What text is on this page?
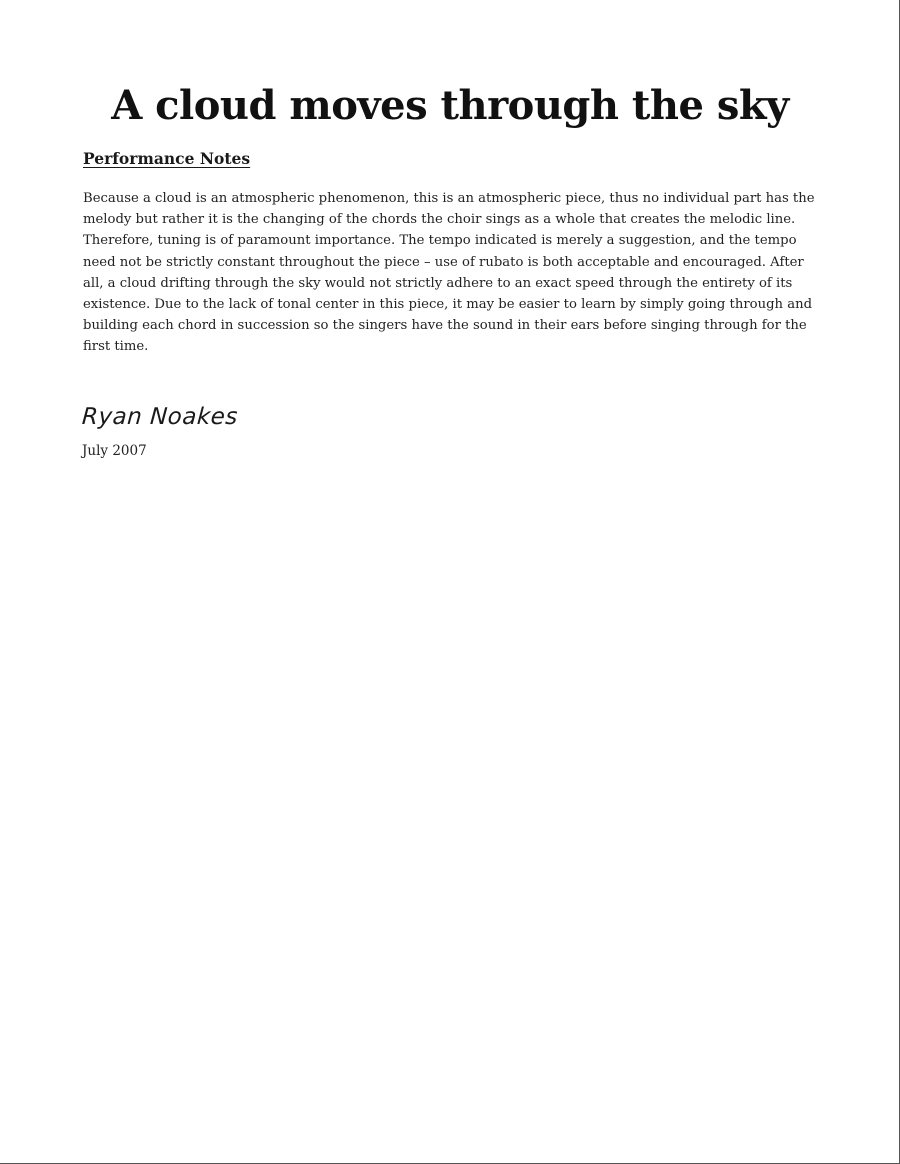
A cloud moves through the sky
Performance Notes

Because a cloud is an atmospheric phenomenon, this is an atmospheric piece, thus no individual part has the melody but rather it is the changing of the chords the choir sings as a whole that creates the melodic line. Therefore, tuning is of paramount importance. The tempo indicated is merely a suggestion, and the tempo need not be strictly constant throughout the piece – use of rubato is both acceptable and encouraged. After all, a cloud drifting through the sky would not strictly adhere to an exact speed through the entirety of its existence. Due to the lack of tonal center in this piece, it may be easier to learn by simply going through and building each chord in succession so the singers have the sound in their ears before singing through for the first time.

Ryan Noakes
July 2007
